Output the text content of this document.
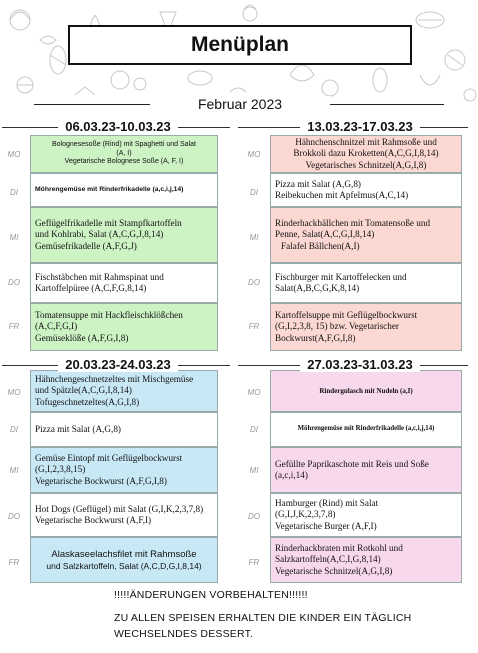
Menüplan
Februar 2023
06.03.23-10.03.23
MO
DI
MI
DO
FR
Bolognesesoße (Rind) mit Spaghetti und Salat
(A, I)
Vegetarische Bolognese Soße (A, F, I)
Möhrengemüse mit Rinderfrikadelle (a,c,i,j,14)
Geflügelfrikadelle mit Stampfkartoffeln
und Kohlrabi, Salat (A,C,G,J,8,14)
Gemüsefrikadelle (A,F,G,J)
Fischstäbchen mit Rahmspinat und
Kartoffelpüree (A,C,F,G,8,14)
Tomatensuppe mit Hackfleischklößchen
(A,C,F,G,I)
Gemüseklöße (A,F,G,I,8)
13.03.23-17.03.23
MO
DI
MI
DO
FR
Hähnchenschnitzel mit Rahmsoße und
Brokkoli dazu Kroketten(A,C,G,I,8,14)
Vegetarisches Schnitzel(A,G,I,8)
Pizza mit Salat (A,G,8)
Reibekuchen mit Apfelmus(A,C,14)
Rinderhackbällchen mit Tomatensoße und
Penne, Salat(A,C,G,I,8,14)
Falafel Bällchen(A,I)
Fischburger mit Kartoffelecken und
Salat(A,B,C,G,K,8,14)
Kartoffelsuppe mit Geflügelbockwurst
(G,I,2,3,8, 15) bzw. Vegetarischer
Bockwurst(A,F,G,I,8)
20.03.23-24.03.23
MO
DI
MI
DO
FR
Hähnchengeschnetzeltes mit Mischgemüse
und Spätzle(A,C,G,I,8,14)
Tofugeschnetzeltes(A,G,I,8)
Pizza mit Salat (A,G,8)
Gemüse Eintopf mit Geflügelbockwurst
(G,I,2,3,8,15)
Vegetarische Bockwurst (A,F,G,I,8)
Hot Dogs (Geflügel) mit Salat (G,I,K,2,3,7,8)
Vegetarische Bockwurst (A,F,I)
Alaskaseelachsfilet mit Rahmsoße
und Salzkartoffeln, Salat (A,C,D,G,I,8,14)
27.03.23-31.03.23
MO
DI
MI
DO
FR
Rindergulasch mit Nudeln (a,I)
Möhrengemüse mit Rinderfrikadelle (a,c,i,j,14)
Gefüllte Paprikaschote mit Reis und Soße
(a,c,i,14)
Hamburger (Rind) mit Salat
(G,I,J,K,2,3,7,8)
Vegetarische Burger (A,F,I)
Rinderhackbraten mit Rotkohl und
Salzkartoffeln(A,C,I,G,8,14)
Vegetarische Schnitzel(A,G,I,8)
!!!!!ÄNDERUNGEN VORBEHALTEN!!!!!!
ZU ALLEN SPEISEN ERHALTEN DIE KINDER EIN TÄGLICH
WECHSELNDES DESSERT.
